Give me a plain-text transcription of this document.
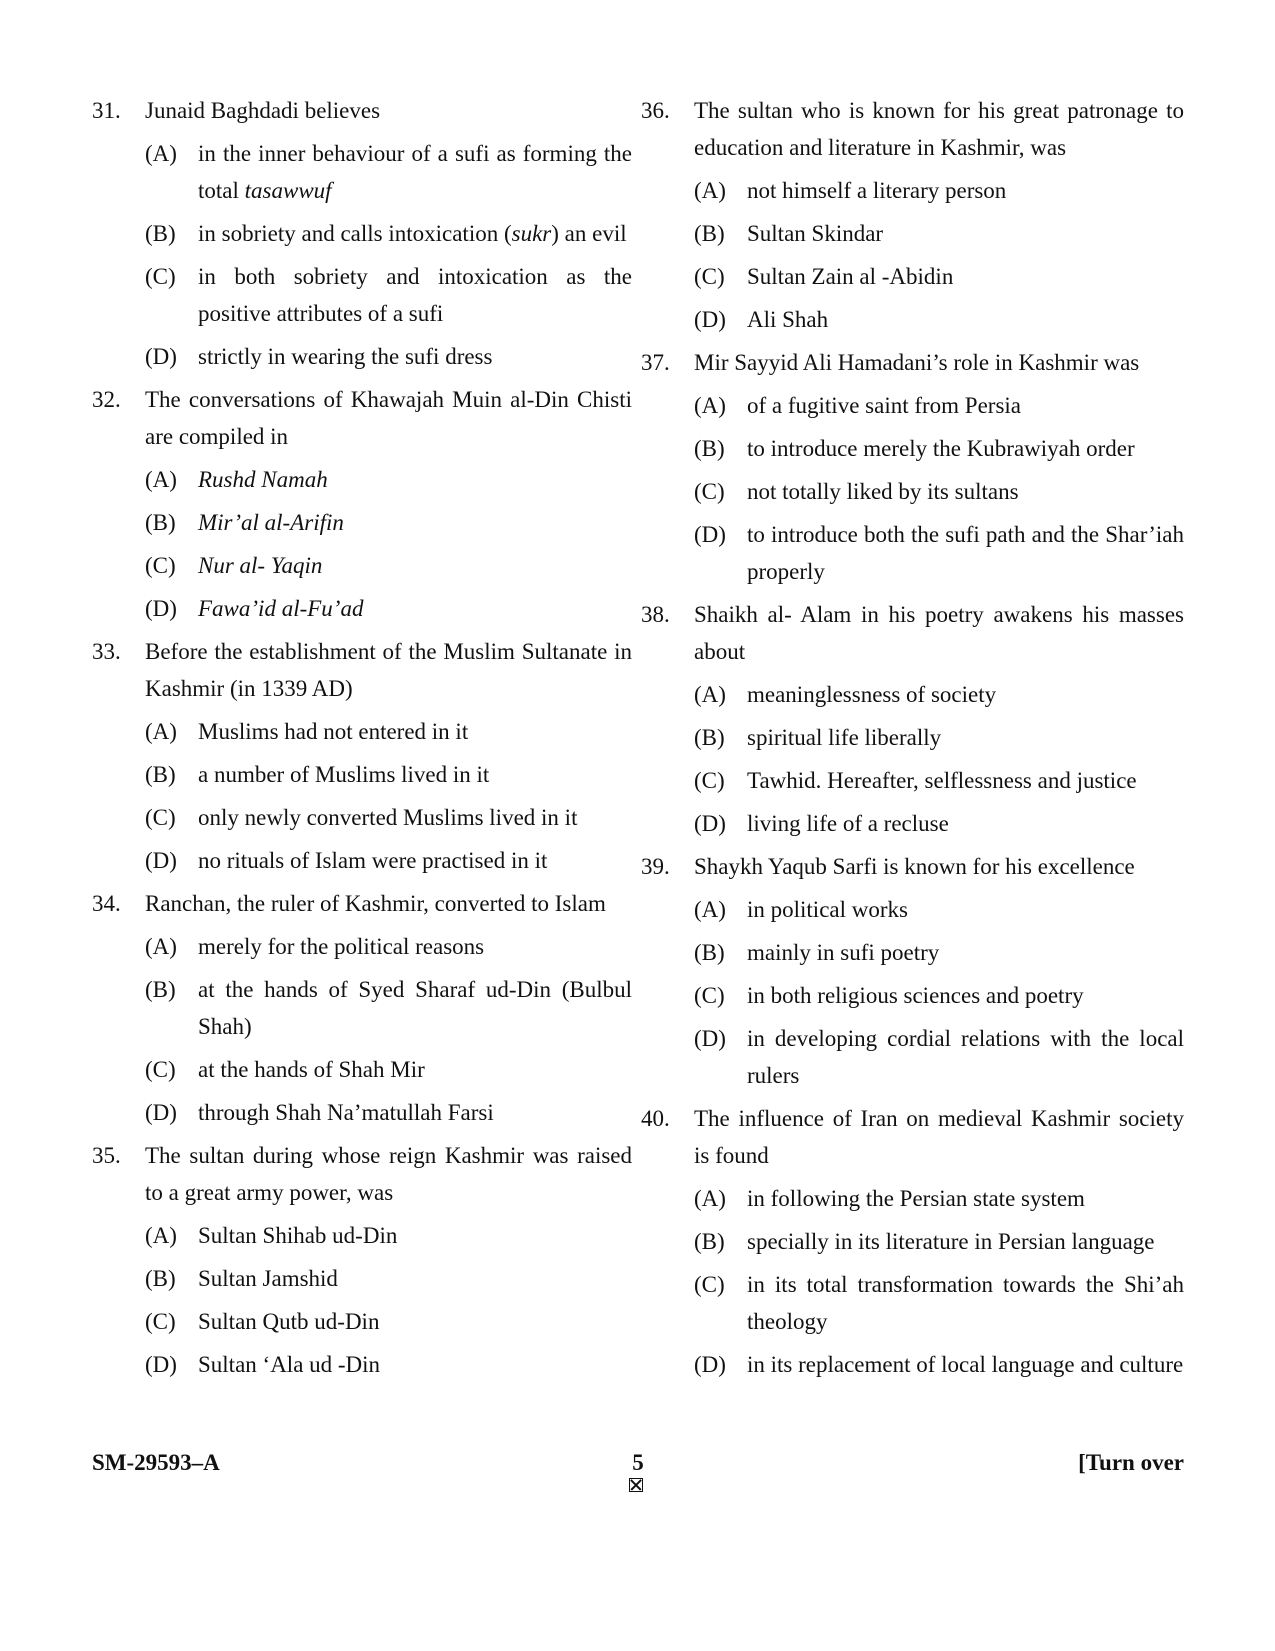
31.	Junaid Baghdadi believes
(A) in the inner behaviour of a sufi as forming the total tasawwuf
(B) in sobriety and calls intoxication (sukr) an evil
(C) in both sobriety and intoxication as the positive attributes of a sufi
(D) strictly in wearing the sufi dress
32.	The conversations of Khawajah Muin al-Din Chisti are compiled in
(A) Rushd Namah
(B) Mir’al al-Arifin
(C) Nur al- Yaqin
(D) Fawa’id al-Fu’ad
33.	Before the establishment of the Muslim Sultanate in Kashmir (in 1339 AD)
(A) Muslims had not entered in it
(B) a number of Muslims lived in it
(C) only newly converted Muslims lived in it
(D) no rituals of Islam were practised in it
34.	Ranchan, the ruler of Kashmir, converted to Islam
(A) merely for the political reasons
(B) at the hands of Syed Sharaf ud-Din (Bulbul Shah)
(C) at the hands of Shah Mir
(D) through Shah Na’matullah Farsi
35.	The sultan during whose reign Kashmir was raised to a great army power, was
(A) Sultan Shihab ud-Din
(B) Sultan Jamshid
(C) Sultan Qutb ud-Din
(D) Sultan ‘Ala ud -Din
36.	The sultan who is known for his great patronage to education and literature in Kashmir, was
(A) not himself a literary person
(B) Sultan Skindar
(C) Sultan Zain al -Abidin
(D) Ali Shah
37.	Mir Sayyid Ali Hamadani’s role in Kashmir was
(A) of a fugitive saint from Persia
(B) to introduce merely the Kubrawiyah order
(C) not totally liked by its sultans
(D) to introduce both the sufi path and the Shar’iah properly
38.	Shaikh al- Alam in his poetry awakens his masses about
(A) meaninglessness of society
(B) spiritual life liberally
(C) Tawhid. Hereafter, selflessness and justice
(D) living life of a recluse
39.	Shaykh Yaqub Sarfi is known for his excellence
(A) in political works
(B) mainly in sufi poetry
(C) in both religious sciences and poetry
(D) in developing cordial relations with the local rulers
40.	The influence of Iran on medieval Kashmir society is found
(A) in following the Persian state system
(B) specially in its literature in Persian language
(C) in its total transformation towards the Shi’ah theology
(D) in its replacement of local language and culture
SM-29593–A	5	[Turn over
